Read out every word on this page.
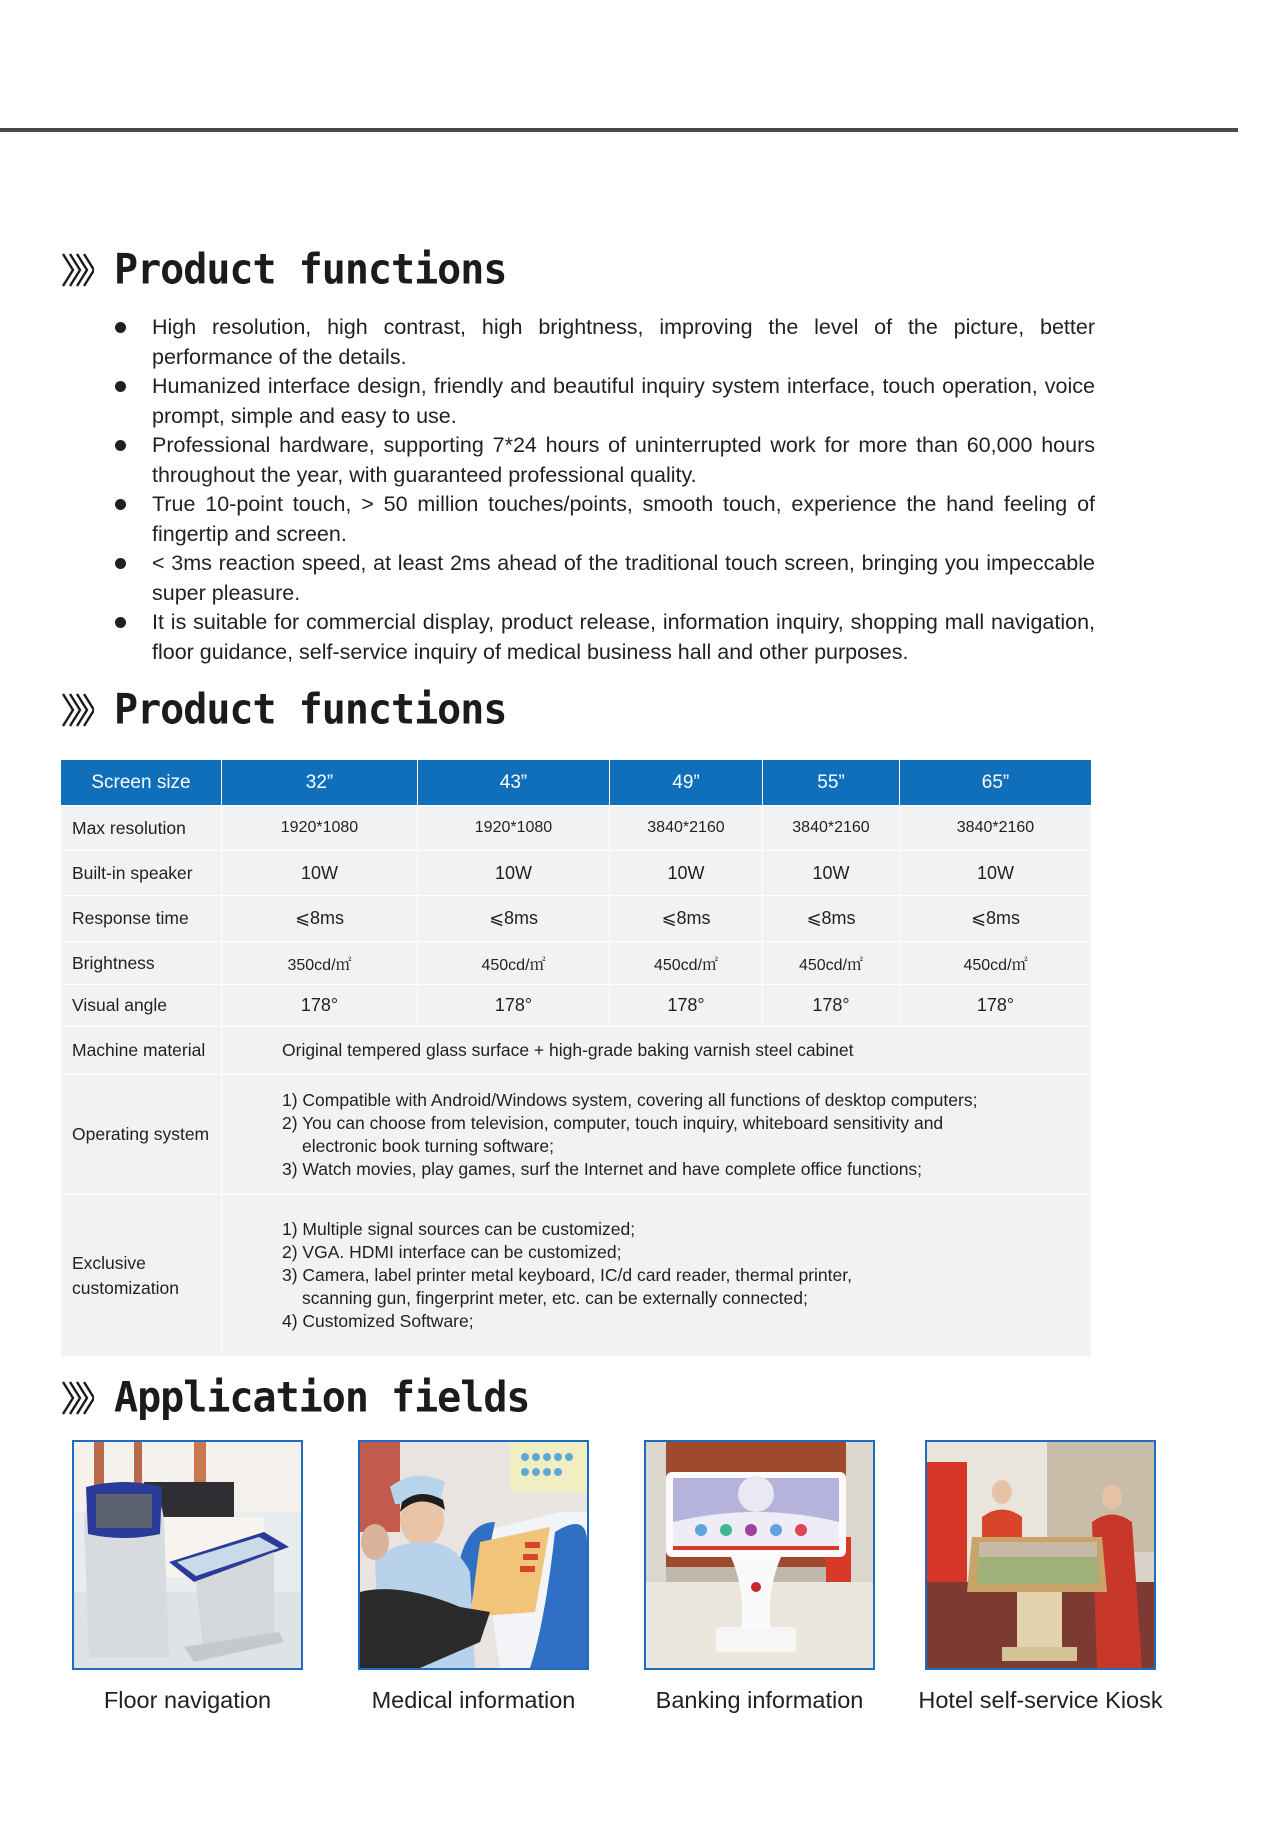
Product functions
High resolution, high contrast, high brightness, improving the level of the picture, better performance of the details.
Humanized interface design, friendly and beautiful inquiry system interface, touch operation, voice prompt, simple and easy to use.
Professional hardware, supporting 7*24 hours of uninterrupted work for more than 60,000 hours throughout the year, with guaranteed professional quality.
True 10-point touch, > 50 million touches/points, smooth touch, experience the hand feeling of fingertip and screen.
< 3ms reaction speed, at least 2ms ahead of the traditional touch screen, bringing you impeccable super pleasure.
It is suitable for commercial display, product release, information inquiry, shopping mall navigation, floor guidance, self-service inquiry of medical business hall and other purposes.
Product functions
Screen size	32”	43”	49”	55”	65”
Max resolution	1920*1080	1920*1080	3840*2160	3840*2160	3840*2160
Built-in speaker	10W	10W	10W	10W	10W
Response time	⩽8ms	⩽8ms	⩽8ms	⩽8ms	⩽8ms
Brightness	350cd/㎡	450cd/㎡	450cd/㎡	450cd/㎡	450cd/㎡
Visual angle	178°	178°	178°	178°	178°
Machine material	Original tempered glass surface + high-grade baking varnish steel cabinet				
Operating system	1) Compatible with Android/Windows system, covering all functions of desktop computers;
2) You can choose from television, computer, touch inquiry, whiteboard sensitivity and electronic book turning software;
3) Watch movies, play games, surf the Internet and have complete office functions;				

Exclusive
customization	1) Multiple signal sources can be customized;
2) VGA. HDMI interface can be customized;
3) Camera, label printer metal keyboard, IC/d card reader, thermal printer, scanning gun, fingerprint meter, etc. can be externally connected;
4) Customized Software;				
Application fields
Floor navigation	Medical information	Banking information	Hotel self-service Kiosk
